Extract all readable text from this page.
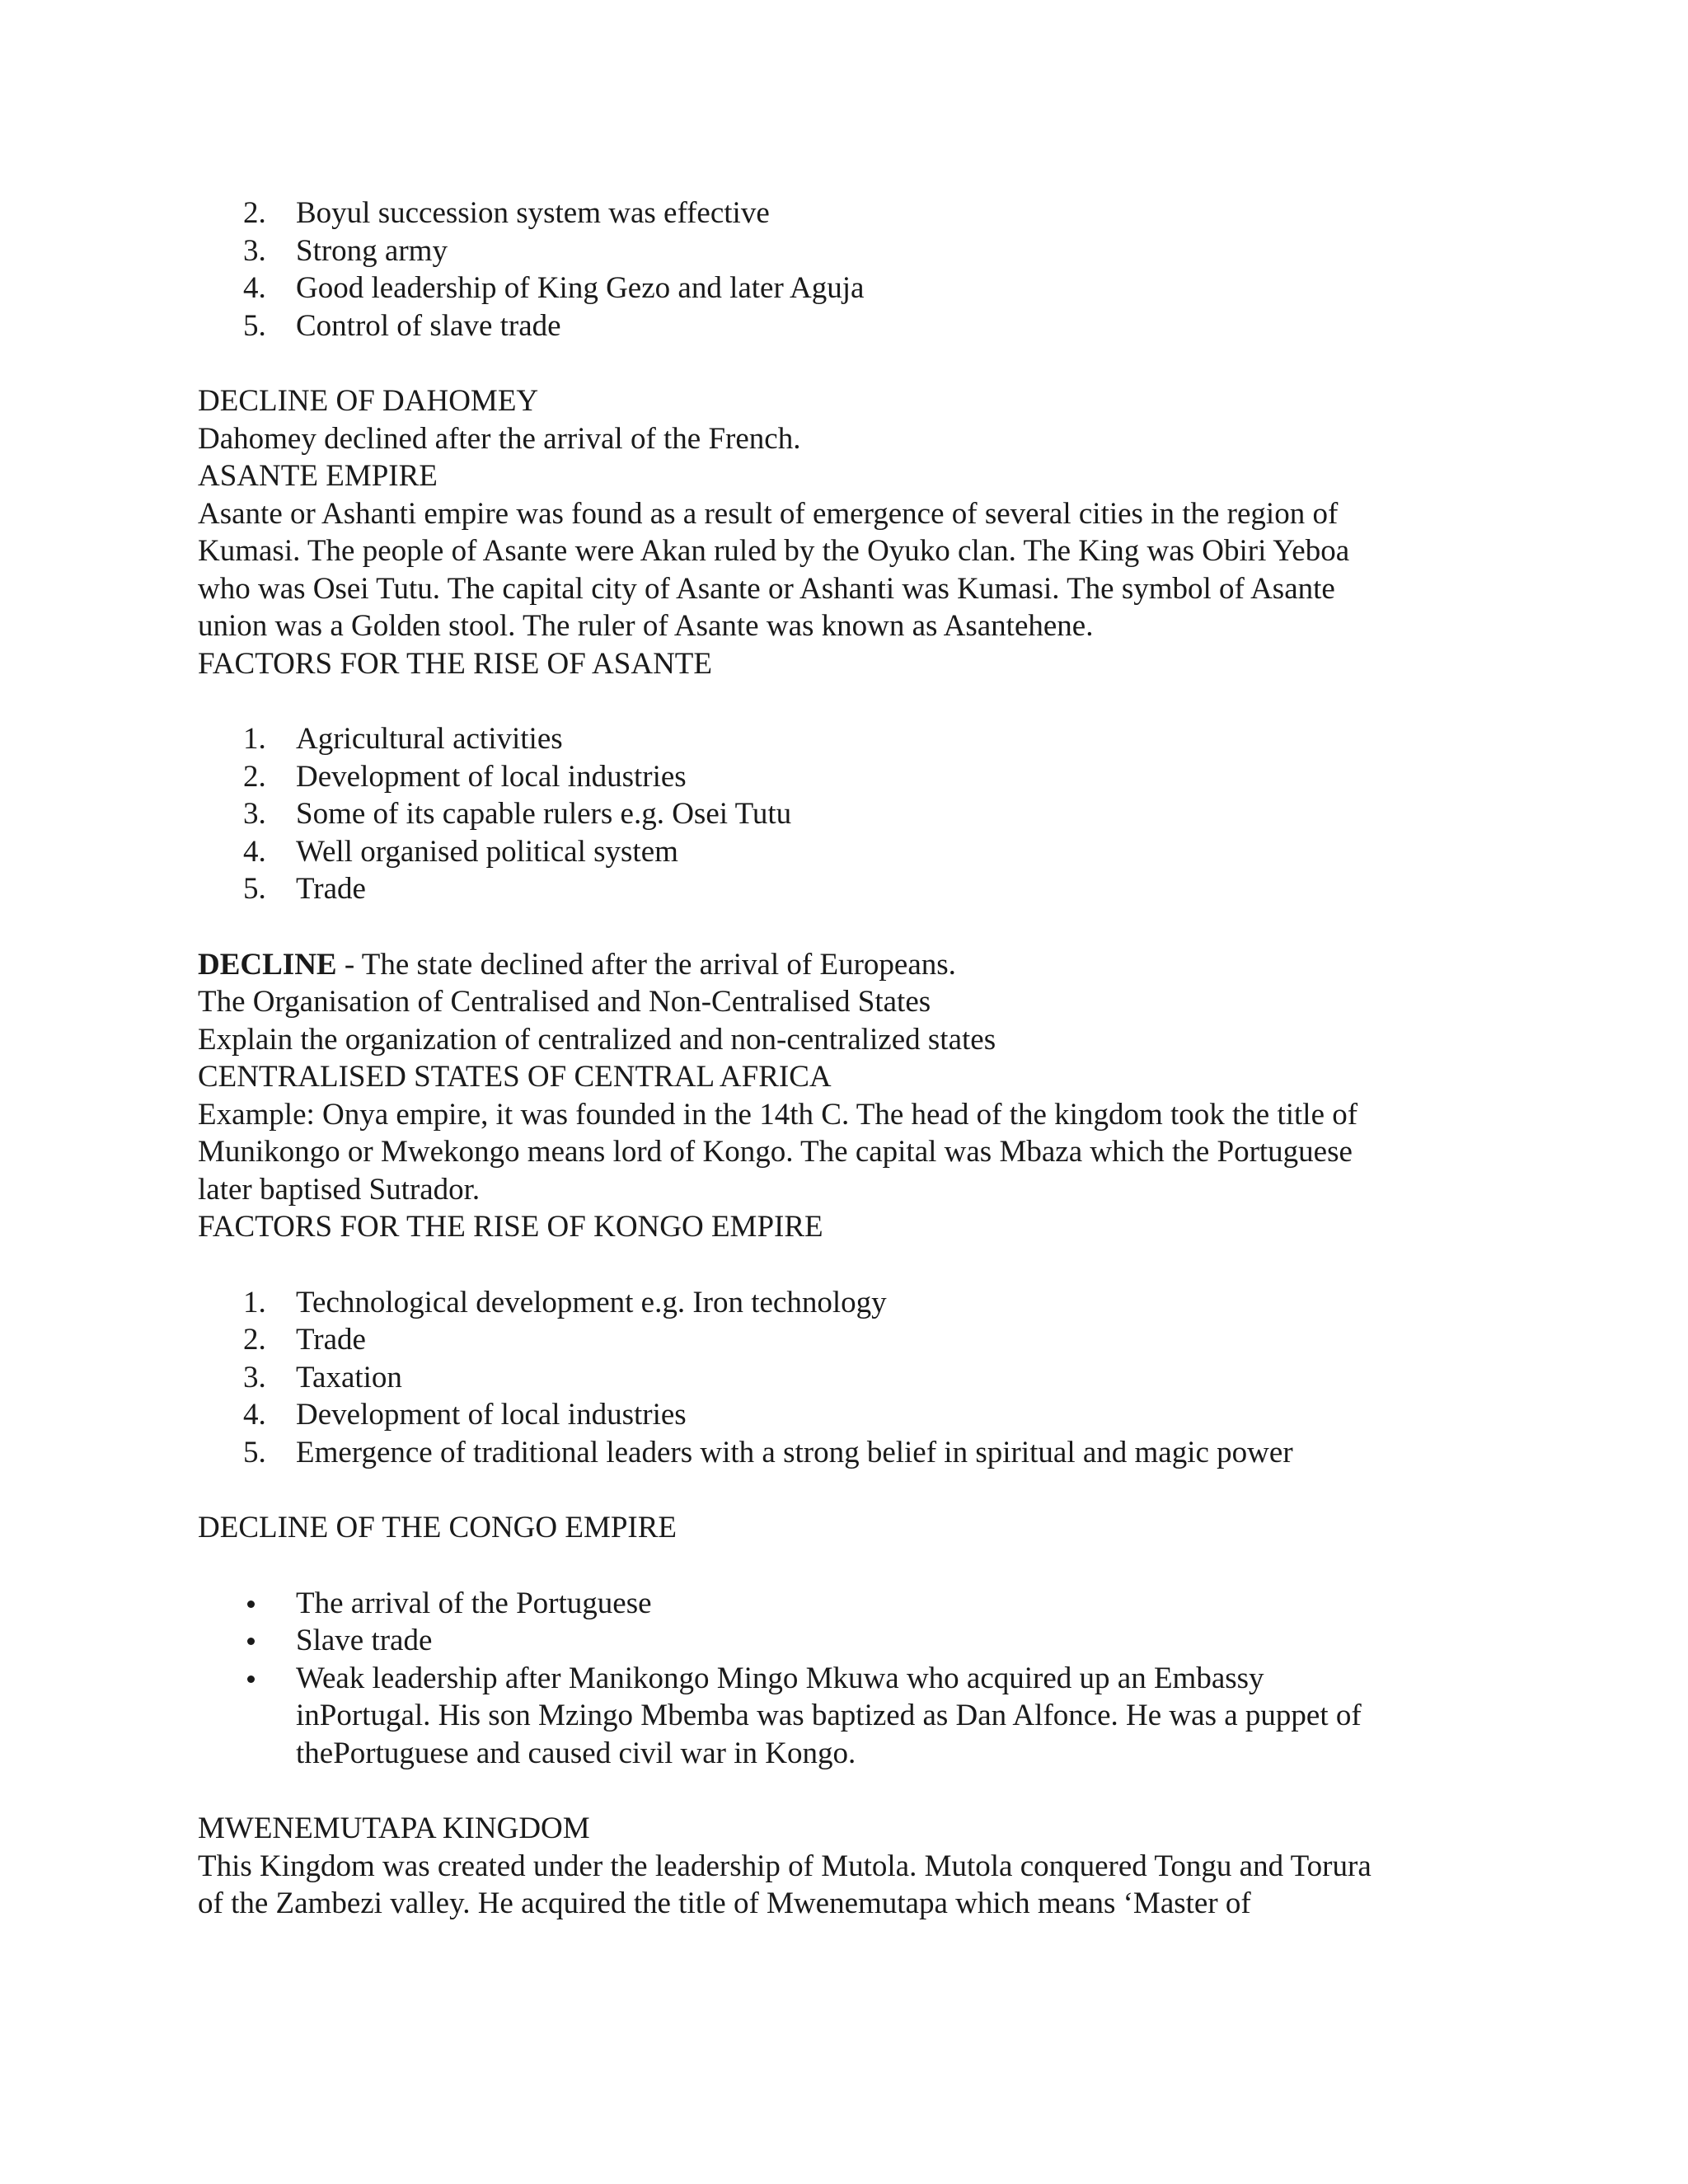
2. Boyul succession system was effective
3. Strong army
4. Good leadership of King Gezo and later Aguja
5. Control of slave trade

DECLINE OF DAHOMEY

Dahomey declined after the arrival of the French.

ASANTE EMPIRE

Asante or Ashanti empire was found as a result of emergence of several cities in the region of

Kumasi. The people of Asante were Akan ruled by the Oyuko clan. The King was Obiri Yeboa

who was Osei Tutu. The capital city of Asante or Ashanti was Kumasi. The symbol of Asante

union was a Golden stool. The ruler of Asante was known as Asantehene.

FACTORS FOR THE RISE OF ASANTE

1. Agricultural activities
2. Development of local industries
3. Some of its capable rulers e.g. Osei Tutu
4. Well organised political system
5. Trade

DECLINE - The state declined after the arrival of Europeans.

The Organisation of Centralised and Non-Centralised States

Explain the organization of centralized and non-centralized states

CENTRALISED STATES OF CENTRAL AFRICA

Example: Onya empire, it was founded in the 14th C. The head of the kingdom took the title of

Munikongo or Mwekongo means lord of Kongo. The capital was Mbaza which the Portuguese

later baptised Sutrador.

FACTORS FOR THE RISE OF KONGO EMPIRE

1. Technological development e.g. Iron technology
2. Trade
3. Taxation
4. Development of local industries
5. Emergence of traditional leaders with a strong belief in spiritual and magic power

DECLINE OF THE CONGO EMPIRE

The arrival of the Portuguese
Slave trade
Weak leadership after Manikongo Mingo Mkuwa who acquired up an Embassy
inPortugal. His son Mzingo Mbemba was baptized as Dan Alfonce. He was a puppet of
thePortuguese and caused civil war in Kongo.

MWENEMUTAPA KINGDOM

This Kingdom was created under the leadership of Mutola. Mutola conquered Tongu and Torura

of the Zambezi valley. He acquired the title of Mwenemutapa which means ‘Master of
